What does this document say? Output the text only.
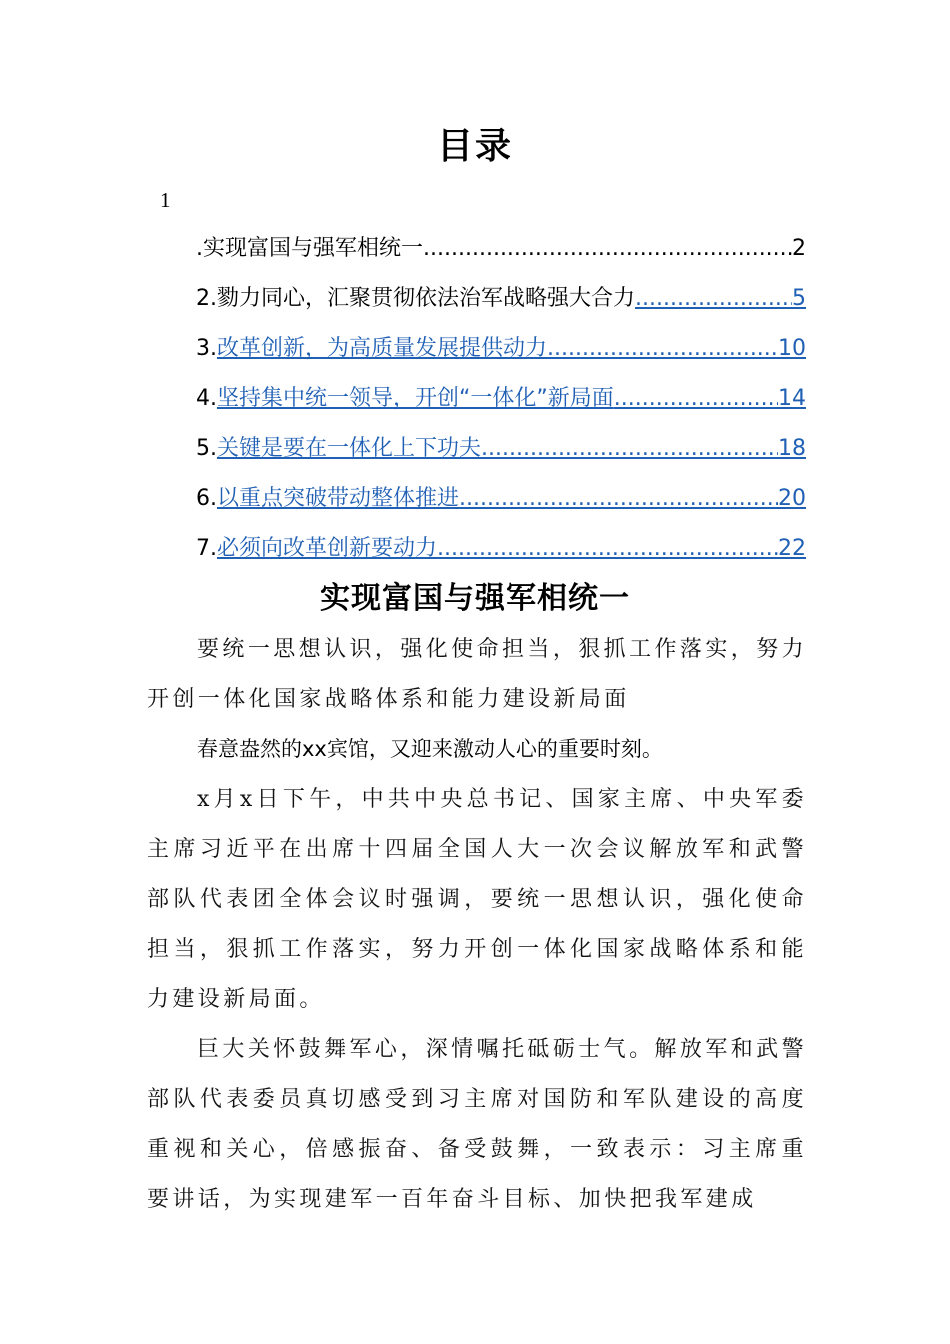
目录
1
. 实现富国与强军相统一 .....	2
2. 勠力同心，汇聚贯彻依法治军战略强大合力 .....	5
3. 改革创新，为高质量发展提供动力 .....	10
4. 坚持集中统一领导，开创“一体化”新局面 .....	14
5. 关键是要在一体化上下功夫 .....	18
6. 以重点突破带动整体推进 .....	20
7. 必须向改革创新要动力 .....	22
实现富国与强军相统一

要统一思想认识，强化使命担当，狠抓工作落实，努力开创一体化国家战略体系和能力建设新局面

春意盎然的xx宾馆，又迎来激动人心的重要时刻。

x月x日下午，中共中央总书记、国家主席、中央军委主席习近平在出席十四届全国人大一次会议解放军和武警部队代表团全体会议时强调，要统一思想认识，强化使命担当，狠抓工作落实，努力开创一体化国家战略体系和能力建设新局面。

巨大关怀鼓舞军心，深情嘱托砥砺士气。解放军和武警部队代表委员真切感受到习主席对国防和军队建设的高度重视和关心，倍感振奋、备受鼓舞，一致表示：习主席重要讲话，为实现建军一百年奋斗目标、加快把我军建成
